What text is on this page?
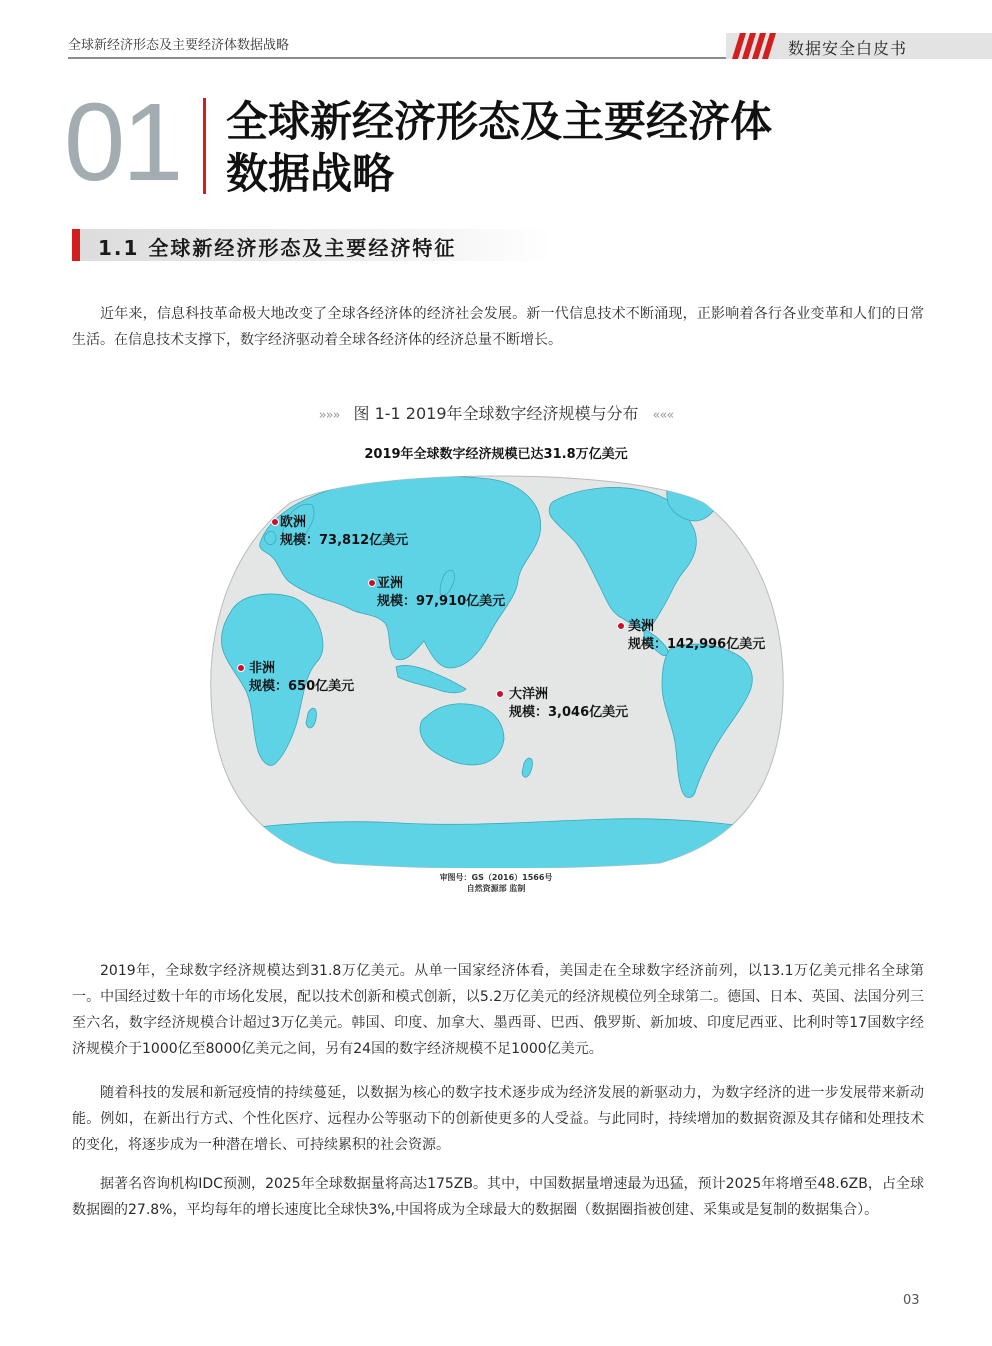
全球新经济形态及主要经济体数据战略	数据安全白皮书
01 全球新经济形态及主要经济体
数据战略
1.1 全球新经济形态及主要经济特征
近年来，信息科技革命极大地改变了全球各经济体的经济社会发展。新一代信息技术不断涌现，正影响着各行各业变革和人们的日常生活。在信息技术支撑下，数字经济驱动着全球各经济体的经济总量不断增长。
»»» 图 1-1 2019年全球数字经济规模与分布 «««
2019年全球数字经济规模已达31.8万亿美元
欧洲
规模：73,812亿美元
亚洲
规模：97,910亿美元
美洲
规模：142,996亿美元
非洲
规模：650亿美元
大洋洲
规模：3,046亿美元
审图号：GS（2016）1566号
自然资源部 监制
2019年，全球数字经济规模达到31.8万亿美元。从单一国家经济体看，美国走在全球数字经济前列，以13.1万亿美元排名全球第一。中国经过数十年的市场化发展，配以技术创新和模式创新，以5.2万亿美元的经济规模位列全球第二。德国、日本、英国、法国分列三至六名，数字经济规模合计超过3万亿美元。韩国、印度、加拿大、墨西哥、巴西、俄罗斯、新加坡、印度尼西亚、比利时等17国数字经济规模介于1000亿至8000亿美元之间，另有24国的数字经济规模不足1000亿美元。
随着科技的发展和新冠疫情的持续蔓延，以数据为核心的数字技术逐步成为经济发展的新驱动力，为数字经济的进一步发展带来新动能。例如，在新出行方式、个性化医疗、远程办公等驱动下的创新使更多的人受益。与此同时，持续增加的数据资源及其存储和处理技术的变化，将逐步成为一种潜在增长、可持续累积的社会资源。
据著名咨询机构IDC预测，2025年全球数据量将高达175ZB。其中，中国数据量增速最为迅猛，预计2025年将增至48.6ZB，占全球数据圈的27.8%，平均每年的增长速度比全球快3%,中国将成为全球最大的数据圈（数据圈指被创建、采集或是复制的数据集合）。
03
